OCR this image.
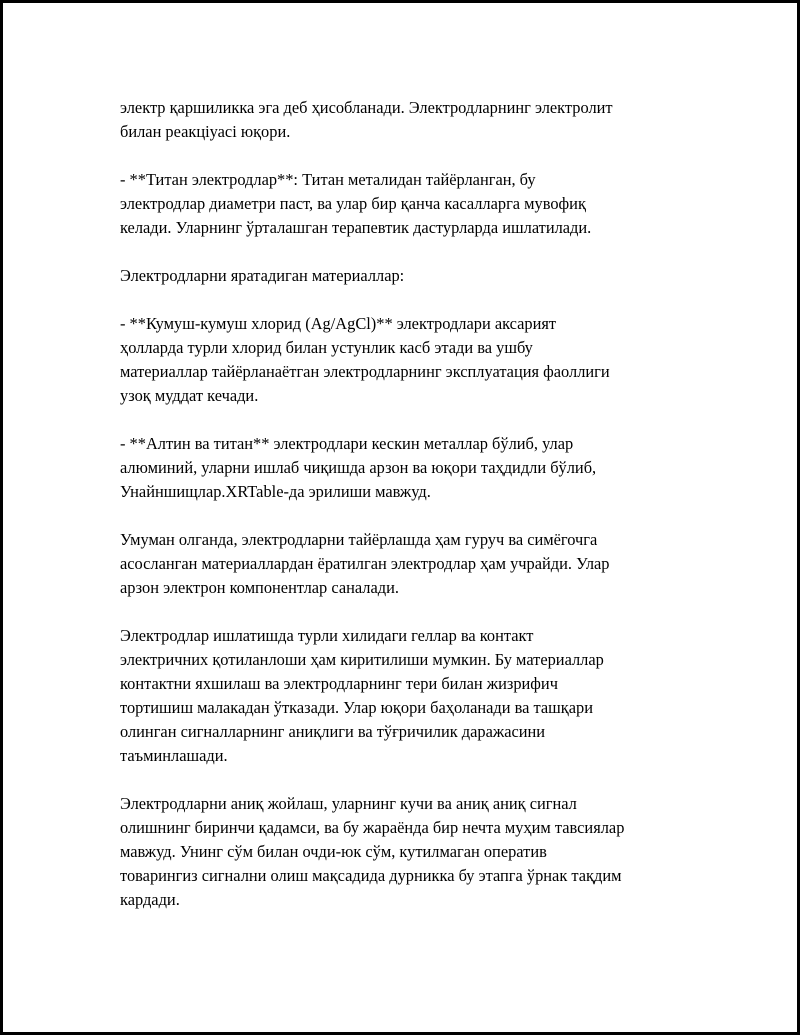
электр қаршиликка эга деб ҳисобланади. Электродларнинг электролит
билан реакціуасі юқори.

- **Титан электродлар**: Титан металидан тайёрланган, бу
электродлар диаметри паст, ва улар бир қанча касалларга мувофиқ
келади. Уларнинг ўрталашган терапевтик дастурларда ишлатилади.

Электродларни яратадиган материаллар:

- **Кумуш-кумуш хлорид (Ag/AgCl)** электродлари аксарият
ҳолларда турли хлорид билан устунлик касб этади ва ушбу
материаллар тайёрланаётган электродларнинг эксплуатация фаоллиги
узоқ муддат кечади.

- **Алтин ва титан** электродлари кескин металлар бўлиб, улар
алюминий, уларни ишлаб чиқишда арзон ва юқори таҳдидли бўлиб,
Унайншищлар.XRTable-да эрилиши мавжуд.

Умуман олганда, электродларни тайёрлашда ҳам гуруч ва симёгочга
асосланган материаллардан ёратилган электродлар ҳам учрайди. Улар
арзон электрон компонентлар саналади.

Электродлар ишлатишда турли хилидаги геллар ва контакт
электричних қотиланлоши ҳам киритилиши мумкин. Бу материаллар
контактни яхшилаш ва электродларнинг тери билан жизрифич
тортишиш малакадан ўтказади. Улар юқори баҳоланади ва ташқари
олинган сигналларнинг аниқлиги ва тўғричилик даражасини
таъминлашади.

Электродларни аниқ жойлаш, уларнинг кучи ва аниқ аниқ сигнал
олишнинг биринчи қадамси, ва бу жараёнда бир нечта муҳим тавсиялар
мавжуд. Унинг сўм билан очди-юк сўм, кутилмаган оператив
товарингиз сигнални олиш мақсадида дурникка бу этапга ўрнак тақдим
кардади.
